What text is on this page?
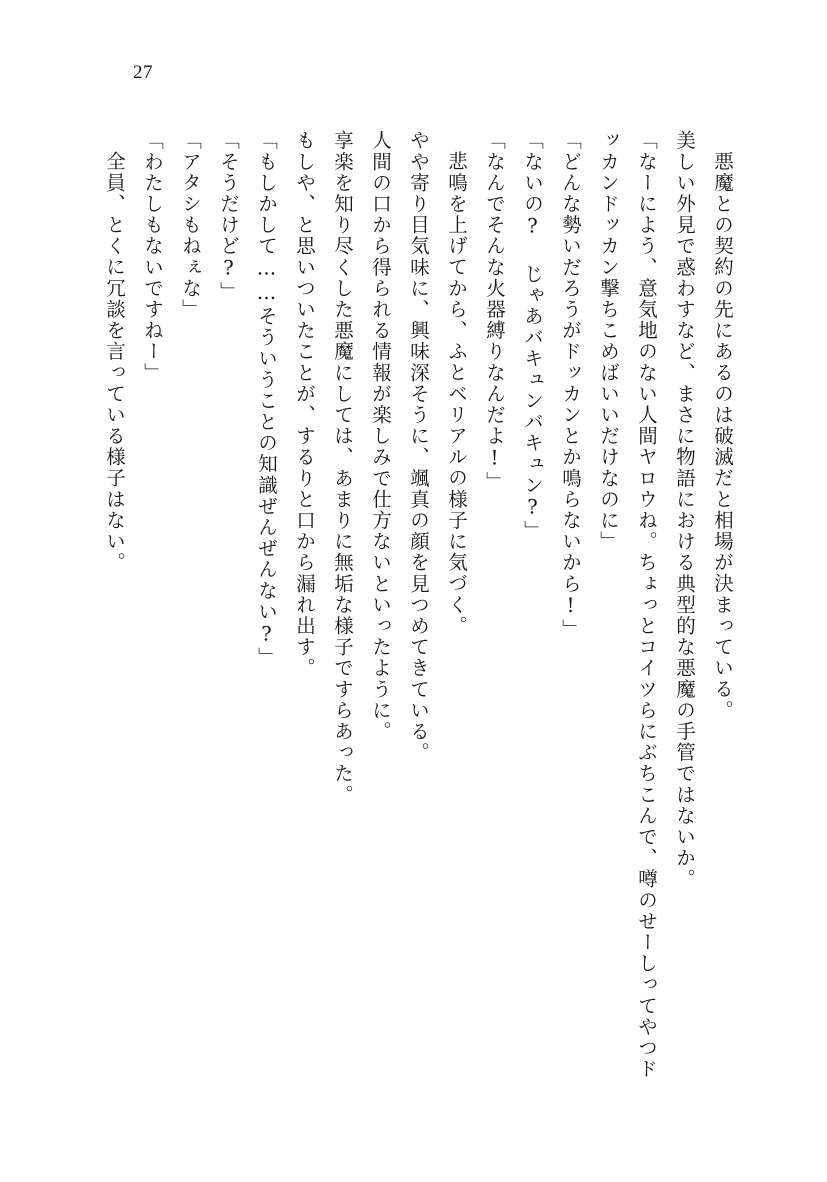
27

悪魔との契約の先にあるのは破滅だと相場が決まっている。

美しい外見で惑わすなど、まさに物語における典型的な悪魔の手管ではないか。

「なーによう、意気地のない人間ヤロウね。ちょっとコイツらにぶちこんで、噂のせーしってやつドッカンドッカン撃ちこめばいいだけなのに」

「どんな勢いだろうがドッカンとか鳴らないから!」

「ないの? じゃあバキュンバキュン?」

「なんでそんな火器縛りなんだよ!」

悲鳴を上げてから、ふとベリアルの様子に気づく。

やや寄り目気味に、興味深そうに、颯真の顔を見つめてきている。

人間の口から得られる情報が楽しみで仕方ないといったように。

享楽を知り尽くした悪魔にしては、あまりに無垢な様子ですらあった。

もしや、と思いついたことが、するりと口から漏れ出す。

「もしかして……そういうことの知識ぜんぜんない?」

「そうだけど?」

「アタシもねぇな」

「わたしもないですねー」

全員、とくに冗談を言っている様子はない。
